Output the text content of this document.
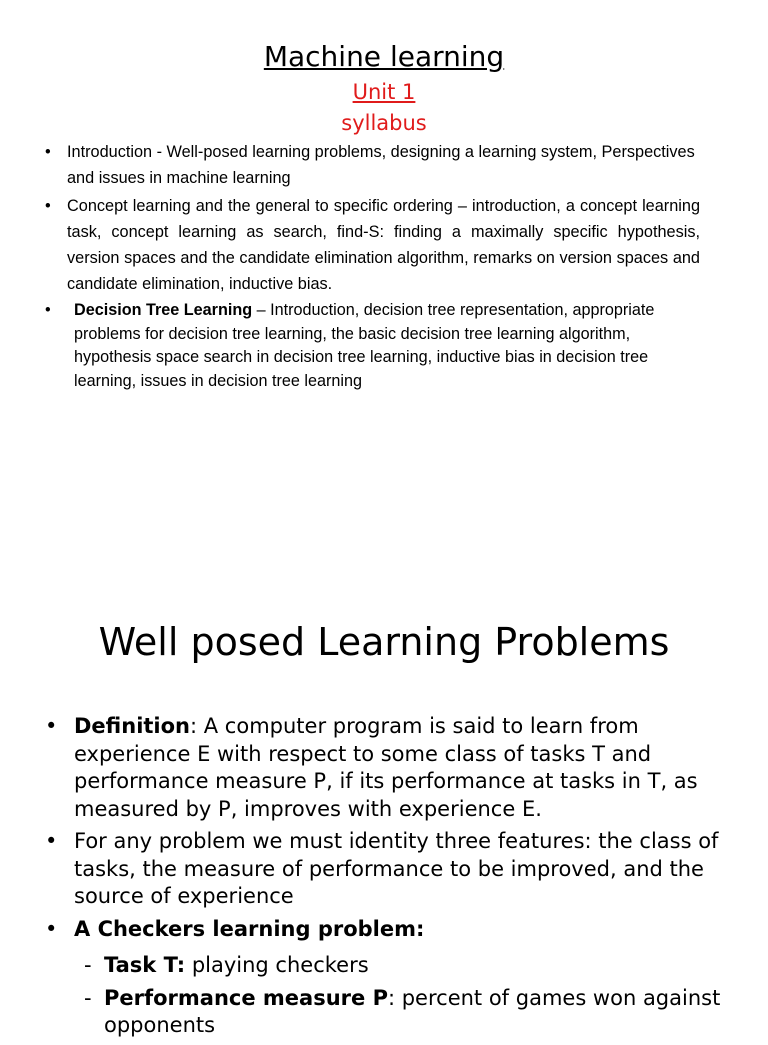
Machine learning
Unit 1
syllabus
• Introduction - Well-posed learning problems, designing a learning system, Perspectives and issues in machine learning
• Concept learning and the general to specific ordering – introduction, a concept learning task, concept learning as search, find-S: finding a maximally specific hypothesis, version spaces and the candidate elimination algorithm, remarks on version spaces and candidate elimination, inductive bias.
• Decision Tree Learning – Introduction, decision tree representation, appropriate problems for decision tree learning, the basic decision tree learning algorithm, hypothesis space search in decision tree learning, inductive bias in decision tree learning, issues in decision tree learning
Well posed Learning Problems
• Definition: A computer program is said to learn from experience E with respect to some class of tasks T and performance measure P, if its performance at tasks in T, as measured by P, improves with experience E.
• For any problem we must identity three features: the class of tasks, the measure of performance to be improved, and the source of experience
• A Checkers learning problem:
- Task T: playing checkers
- Performance measure P: percent of games won against opponents
